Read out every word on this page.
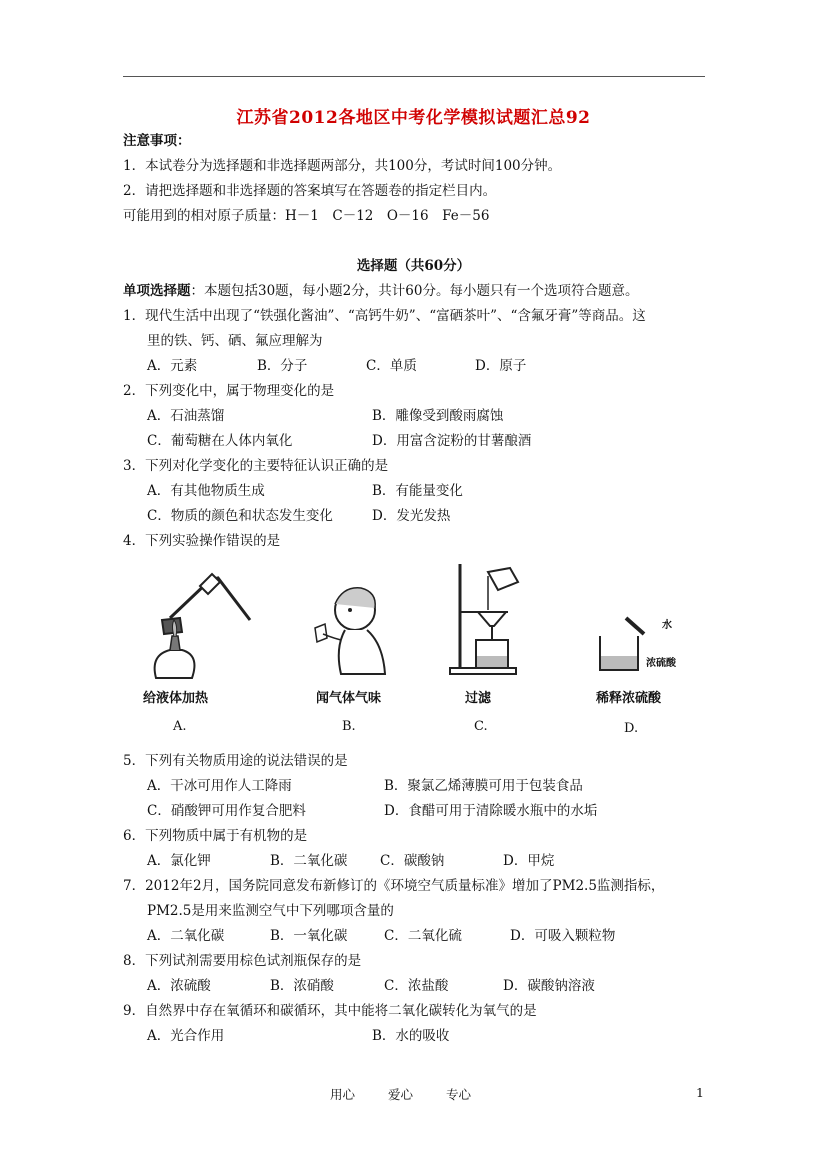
江苏省2012各地区中考化学模拟试题汇总92
注意事项：
1．本试卷分为选择题和非选择题两部分，共100分，考试时间100分钟。
2．请把选择题和非选择题的答案填写在答题卷的指定栏目内。
可能用到的相对原子质量：H－1　C－12　O－16　Fe－56
选择题（共60分）
单项选择题：本题包括30题，每小题2分，共计60分。每小题只有一个选项符合题意。
1．现代生活中出现了“铁强化酱油”、“高钙牛奶”、“富硒茶叶”、“含氟牙膏”等商品。这
里的铁、钙、硒、氟应理解为
A．元素	B．分子	C．单质	D．原子
2．下列变化中，属于物理变化的是
A．石油蒸馏	B．雕像受到酸雨腐蚀
C．葡萄糖在人体内氧化	D．用富含淀粉的甘薯酿酒
3．下列对化学变化的主要特征认识正确的是
A．有其他物质生成	B．有能量变化
C．物质的颜色和状态发生变化	D．发光发热
4．下列实验操作错误的是
给液体加热
A.
闻气体气味
B.
过滤
C.
水
浓硫酸
稀释浓硫酸
D.
5．下列有关物质用途的说法错误的是
A．干冰可用作人工降雨	B．聚氯乙烯薄膜可用于包装食品
C．硝酸钾可用作复合肥料	D．食醋可用于清除暖水瓶中的水垢
6．下列物质中属于有机物的是
A．氯化钾	B．二氧化碳 C．碳酸钠	D．甲烷
7．2012年2月，国务院同意发布新修订的《环境空气质量标准》增加了PM2.5监测指标，
PM2.5是用来监测空气中下列哪项含量的
A．二氧化碳	B．一氧化碳	C．二氧化硫	D．可吸入颗粒物
8．下列试剂需要用棕色试剂瓶保存的是
A．浓硫酸	B．浓硝酸	C．浓盐酸	D．碳酸钠溶液
9．自然界中存在氧循环和碳循环，其中能将二氧化碳转化为氧气的是
A．光合作用	B．水的吸收
用心	爱心	专心	1
